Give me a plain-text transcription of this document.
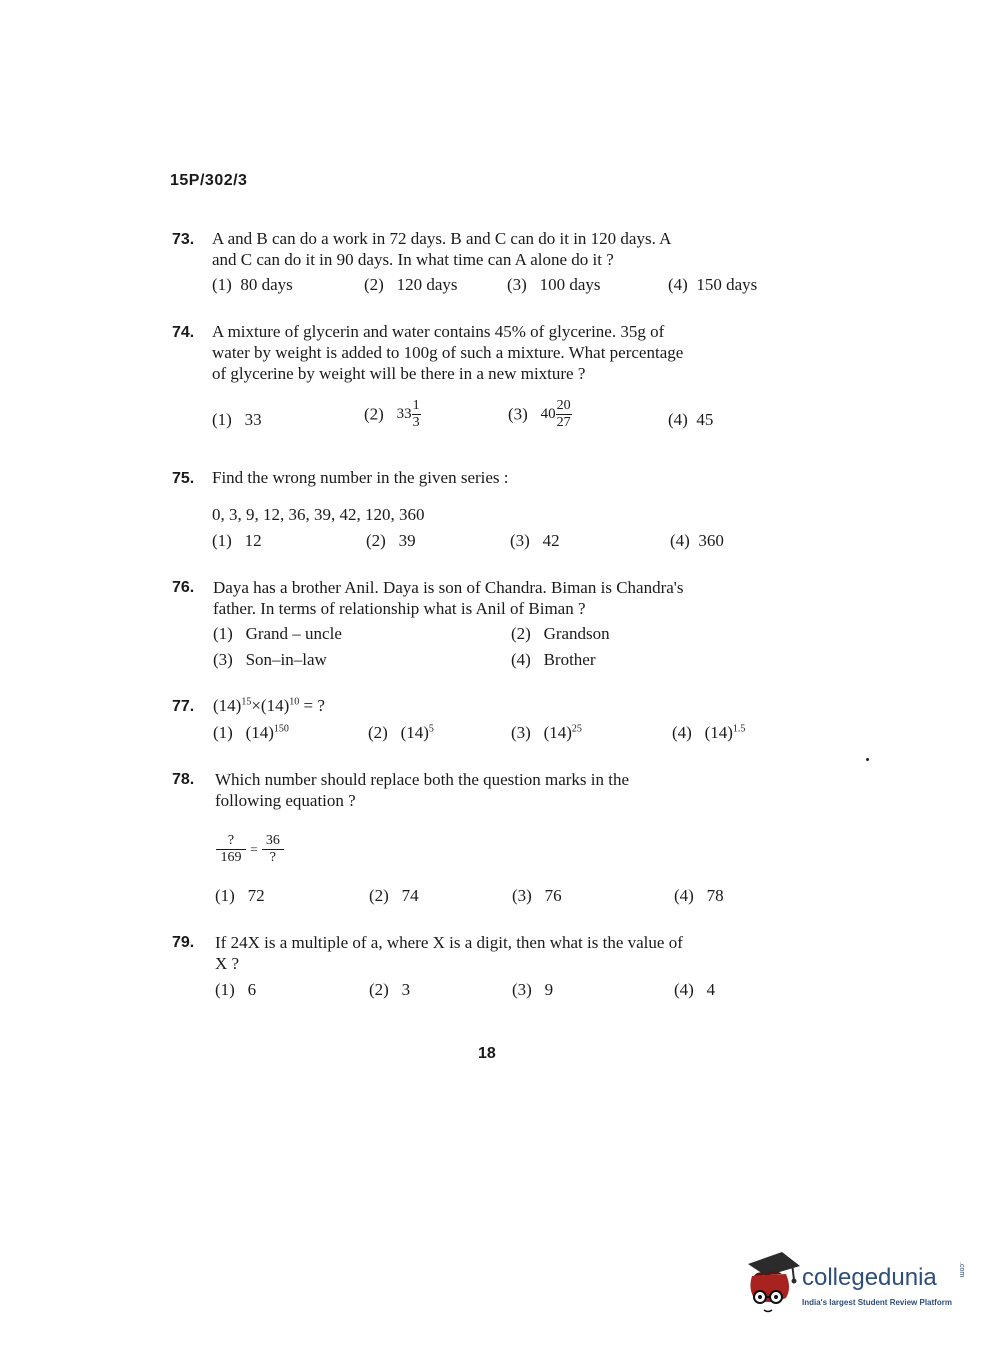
15P/302/3
73. A and B can do a work in 72 days. B and C can do it in 120 days. A
and C can do it in 90 days. In what time can A alone do it ?
(1) 80 days	(2) 120 days	(3) 100 days	(4) 150 days
74. A mixture of glycerin and water contains 45% of glycerine. 35g of
water by weight is added to 100g of such a mixture. What percentage
of glycerine by weight will be there in a new mixture ?
(1) 33	(2) $33 \frac{1}{3}$	(3) $40 \frac{20}{27}$	(4) 45
75. Find the wrong number in the given series :
0, 3, 9, 12, 36, 39, 42, 120, 360
(1) 12	(2) 39	(3) 42	(4) 360
76. Daya has a brother Anil. Daya is son of Chandra. Biman is Chandra's
father. In terms of relationship what is Anil of Biman ?
(1) Grand – uncle	(2) Grandson
(3) Son–in–law	(4) Brother
77. $(14)^{15}\times(14)^{10}$ = ?
(1) $(14)^{150}$	(2) $(14)^5$	(3) $(14)^{25}$	(4) $(14)^{1.5}$
78. Which number should replace both the question marks in the
following equation ?
$\frac{?}{169} = \frac{36}{?}$
(1) 72	(2) 74	(3) 76	(4) 78
79. If 24X is a multiple of a, where X is a digit, then what is the value of
X ?
(1) 6	(2) 3	(3) 9	(4) 4
18
collegedunia	.com
India's largest Student Review Platform
